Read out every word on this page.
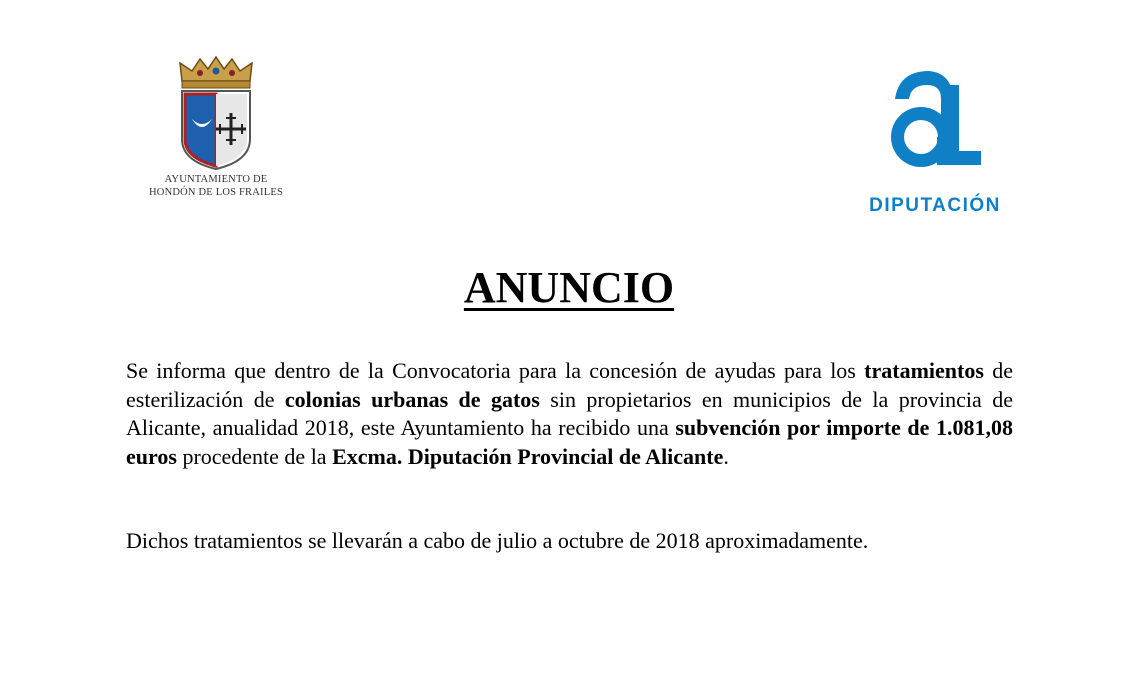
AYUNTAMIENTO DE
HONDÓN DE LOS FRAILES
DIPUTACIÓN
ANUNCIO

Se informa que dentro de la Convocatoria para la concesión de ayudas para los tratamientos de esterilización de colonias urbanas de gatos sin propietarios en municipios de la provincia de Alicante, anualidad 2018, este Ayuntamiento ha recibido una subvención por importe de 1.081,08 euros procedente de la Excma. Diputación Provincial de Alicante.

Dichos tratamientos se llevarán a cabo de julio a octubre de 2018 aproximadamente.
